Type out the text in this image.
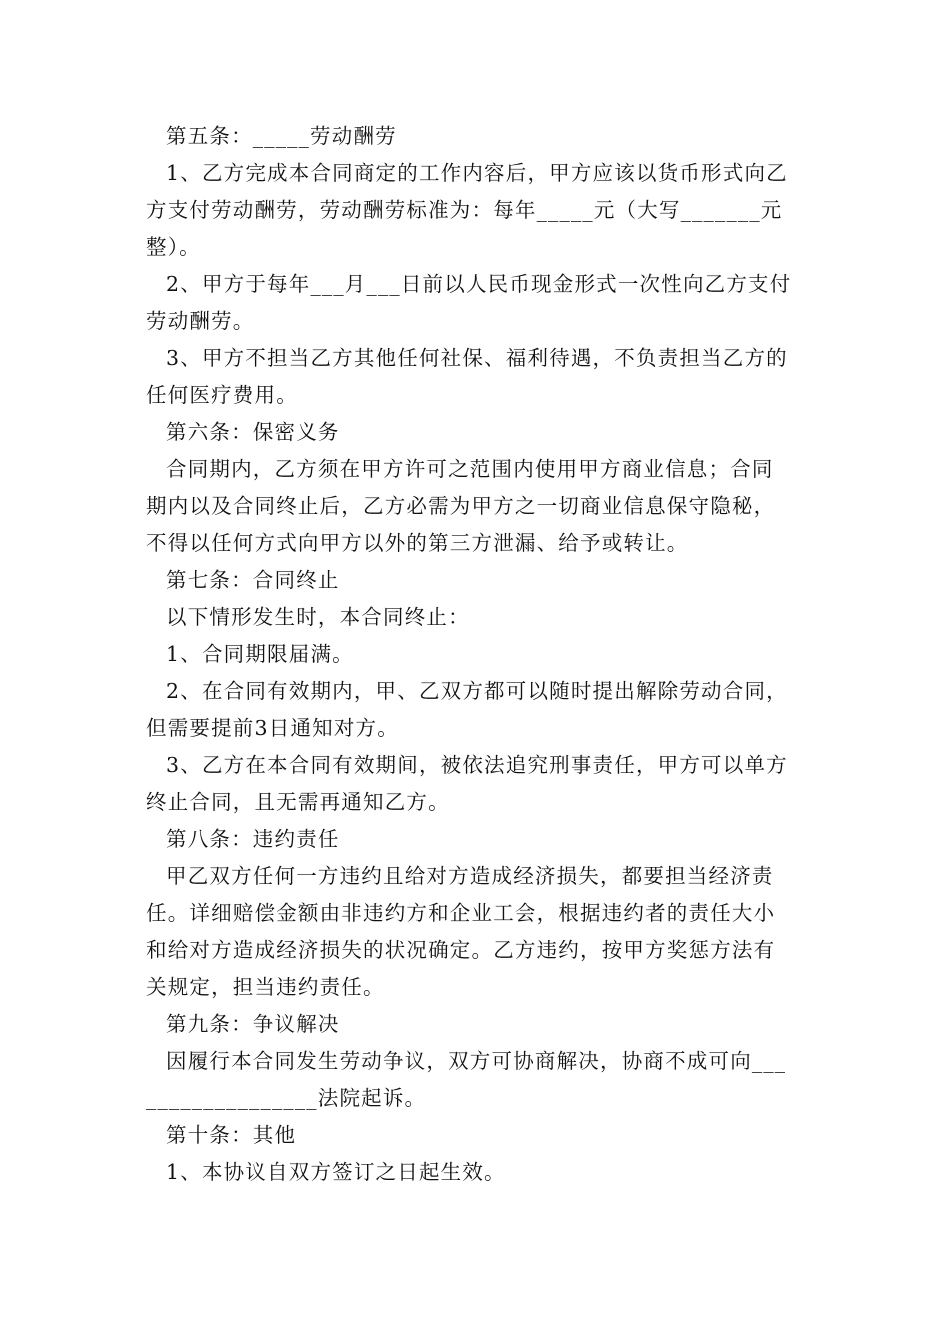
第五条：_____劳动酬劳
1、乙方完成本合同商定的工作内容后，甲方应该以货币形式向乙
方支付劳动酬劳，劳动酬劳标准为：每年_____元（大写_______元
整）。
2、甲方于每年___月___日前以人民币现金形式一次性向乙方支付
劳动酬劳。
3、甲方不担当乙方其他任何社保、福利待遇，不负责担当乙方的
任何医疗费用。
第六条：保密义务
合同期内，乙方须在甲方许可之范围内使用甲方商业信息；合同
期内以及合同终止后，乙方必需为甲方之一切商业信息保守隐秘，
不得以任何方式向甲方以外的第三方泄漏、给予或转让。
第七条：合同终止
以下情形发生时，本合同终止：
1、合同期限届满。
2、在合同有效期内，甲、乙双方都可以随时提出解除劳动合同，
但需要提前3日通知对方。
3、乙方在本合同有效期间，被依法追究刑事责任，甲方可以单方
终止合同，且无需再通知乙方。
第八条：违约责任
甲乙双方任何一方违约且给对方造成经济损失，都要担当经济责
任。详细赔偿金额由非违约方和企业工会，根据违约者的责任大小
和给对方造成经济损失的状况确定。乙方违约，按甲方奖惩方法有
关规定，担当违约责任。
第九条：争议解决
因履行本合同发生劳动争议，双方可协商解决，协商不成可向___
_______________法院起诉。
第十条：其他
1、本协议自双方签订之日起生效。
